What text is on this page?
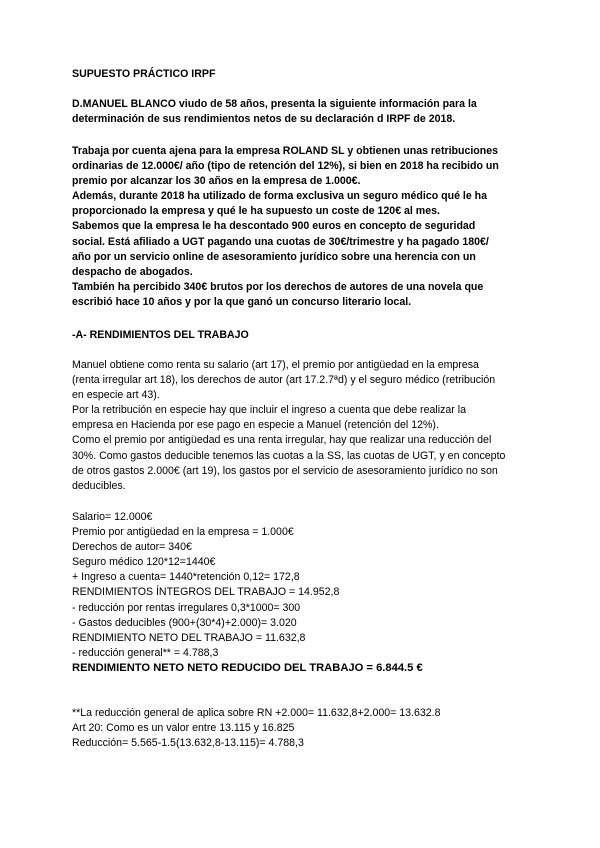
SUPUESTO PRÁCTICO IRPF
D.MANUEL BLANCO viudo de 58 años, presenta la siguiente información para la
determinación de sus rendimientos netos de su declaración d IRPF de 2018.
Trabaja por cuenta ajena para la empresa ROLAND SL y obtienen unas retribuciones
ordinarias de 12.000€/ año (tipo de retención del 12%), si bien en 2018 ha recibido un
premio por alcanzar los 30 años en la empresa de 1.000€.
Además, durante 2018 ha utilizado de forma exclusiva un seguro médico qué le ha
proporcionado la empresa y qué le ha supuesto un coste de 120€ al mes.
Sabemos que la empresa le ha descontado 900 euros en concepto de seguridad
social. Está afiliado a UGT pagando una cuotas de 30€/trimestre y ha pagado 180€/
año por un servicio online de asesoramiento jurídico sobre una herencia con un
despacho de abogados.
También ha percibido 340€ brutos por los derechos de autores de una novela que
escribió hace 10 años y por la que ganó un concurso literario local.
-A- RENDIMIENTOS DEL TRABAJO
Manuel obtiene como renta su salario (art 17), el premio por antigüedad en la empresa
(renta irregular art 18), los derechos de autor (art 17.2.7ªd) y el seguro médico (retribución
en especie art 43).
Por la retribución en especie hay que incluir el ingreso a cuenta que debe realizar la
empresa en Hacienda por ese pago en especie a Manuel (retención del 12%).
Como el premio por antigüedad es una renta irregular, hay que realizar una reducción del
30%. Como gastos deducible tenemos las cuotas a la SS, las cuotas de UGT, y en concepto
de otros gastos 2.000€ (art 19), los gastos por el servicio de asesoramiento jurídico no son
deducibles.
Salario= 12.000€
Premio por antigüedad en la empresa = 1.000€
Derechos de autor= 340€
Seguro médico 120*12=1440€
+ Ingreso a cuenta= 1440*retención 0,12= 172,8
RENDIMIENTOS ÍNTEGROS DEL TRABAJO = 14.952,8
- reducción por rentas irregulares 0,3*1000= 300
- Gastos deducibles (900+(30*4)+2.000)= 3.020
RENDIMIENTO NETO DEL TRABAJO = 11.632,8
- reducción general** = 4.788,3
RENDIMIENTO NETO NETO REDUCIDO DEL TRABAJO = 6.844.5 €
**La reducción general de aplica sobre RN +2.000= 11.632,8+2.000= 13.632.8
Art 20: Como es un valor entre 13.115 y 16.825
Reducción= 5.565-1.5(13.632,8-13.115)= 4.788,3
